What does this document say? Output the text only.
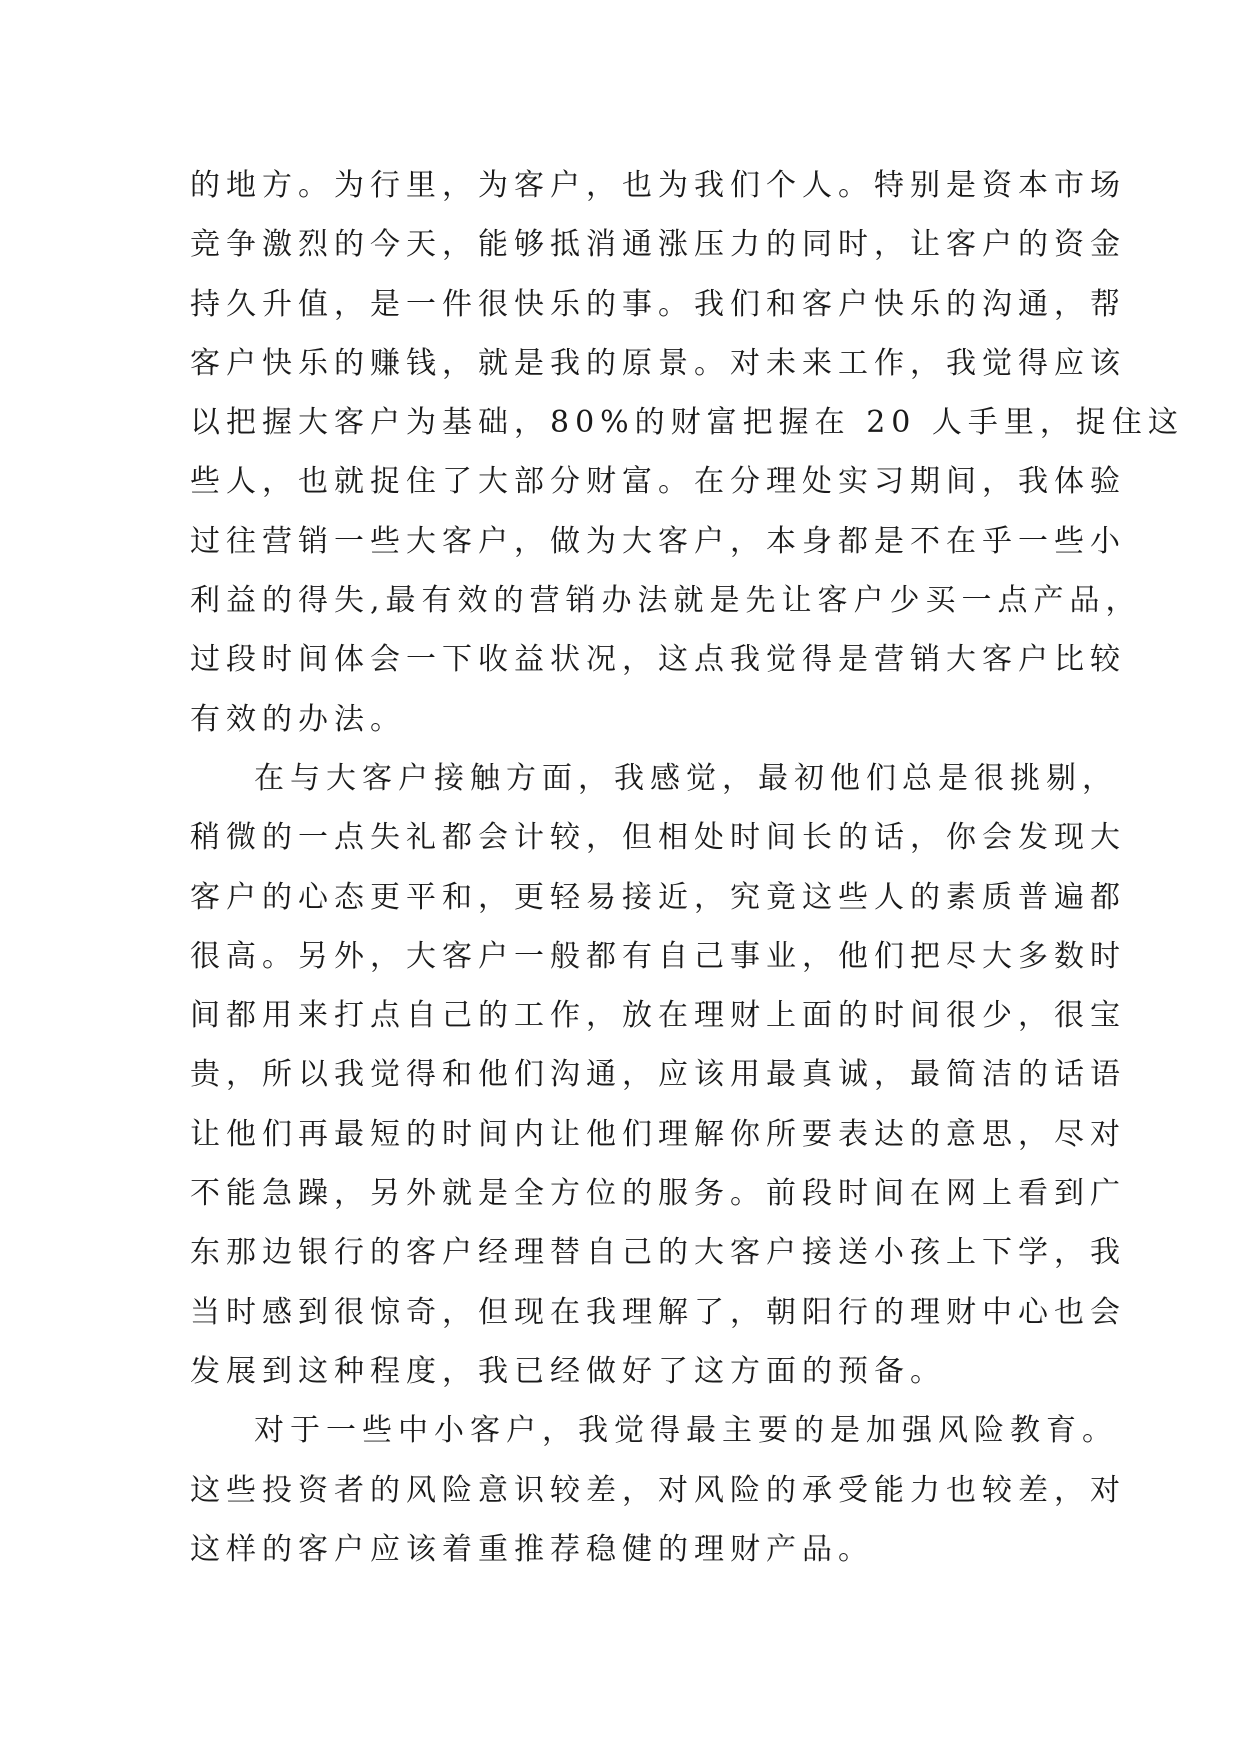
的地方。为行里，为客户，也为我们个人。特别是资本市场
竞争激烈的今天，能够抵消通涨压力的同时，让客户的资金
持久升值，是一件很快乐的事。我们和客户快乐的沟通，帮
客户快乐的赚钱，就是我的原景。对未来工作，我觉得应该
以把握大客户为基础，80%的财富把握在 20 人手里，捉住这
些人，也就捉住了大部分财富。在分理处实习期间，我体验
过往营销一些大客户，做为大客户，本身都是不在乎一些小
利益的得失,最有效的营销办法就是先让客户少买一点产品，
过段时间体会一下收益状况，这点我觉得是营销大客户比较
有效的办法。
在与大客户接触方面，我感觉，最初他们总是很挑剔，
稍微的一点失礼都会计较，但相处时间长的话，你会发现大
客户的心态更平和，更轻易接近，究竟这些人的素质普遍都
很高。另外，大客户一般都有自己事业，他们把尽大多数时
间都用来打点自己的工作，放在理财上面的时间很少，很宝
贵，所以我觉得和他们沟通，应该用最真诚，最简洁的话语
让他们再最短的时间内让他们理解你所要表达的意思，尽对
不能急躁，另外就是全方位的服务。前段时间在网上看到广
东那边银行的客户经理替自己的大客户接送小孩上下学，我
当时感到很惊奇，但现在我理解了，朝阳行的理财中心也会
发展到这种程度，我已经做好了这方面的预备。
对于一些中小客户，我觉得最主要的是加强风险教育。
这些投资者的风险意识较差，对风险的承受能力也较差，对
这样的客户应该着重推荐稳健的理财产品。
